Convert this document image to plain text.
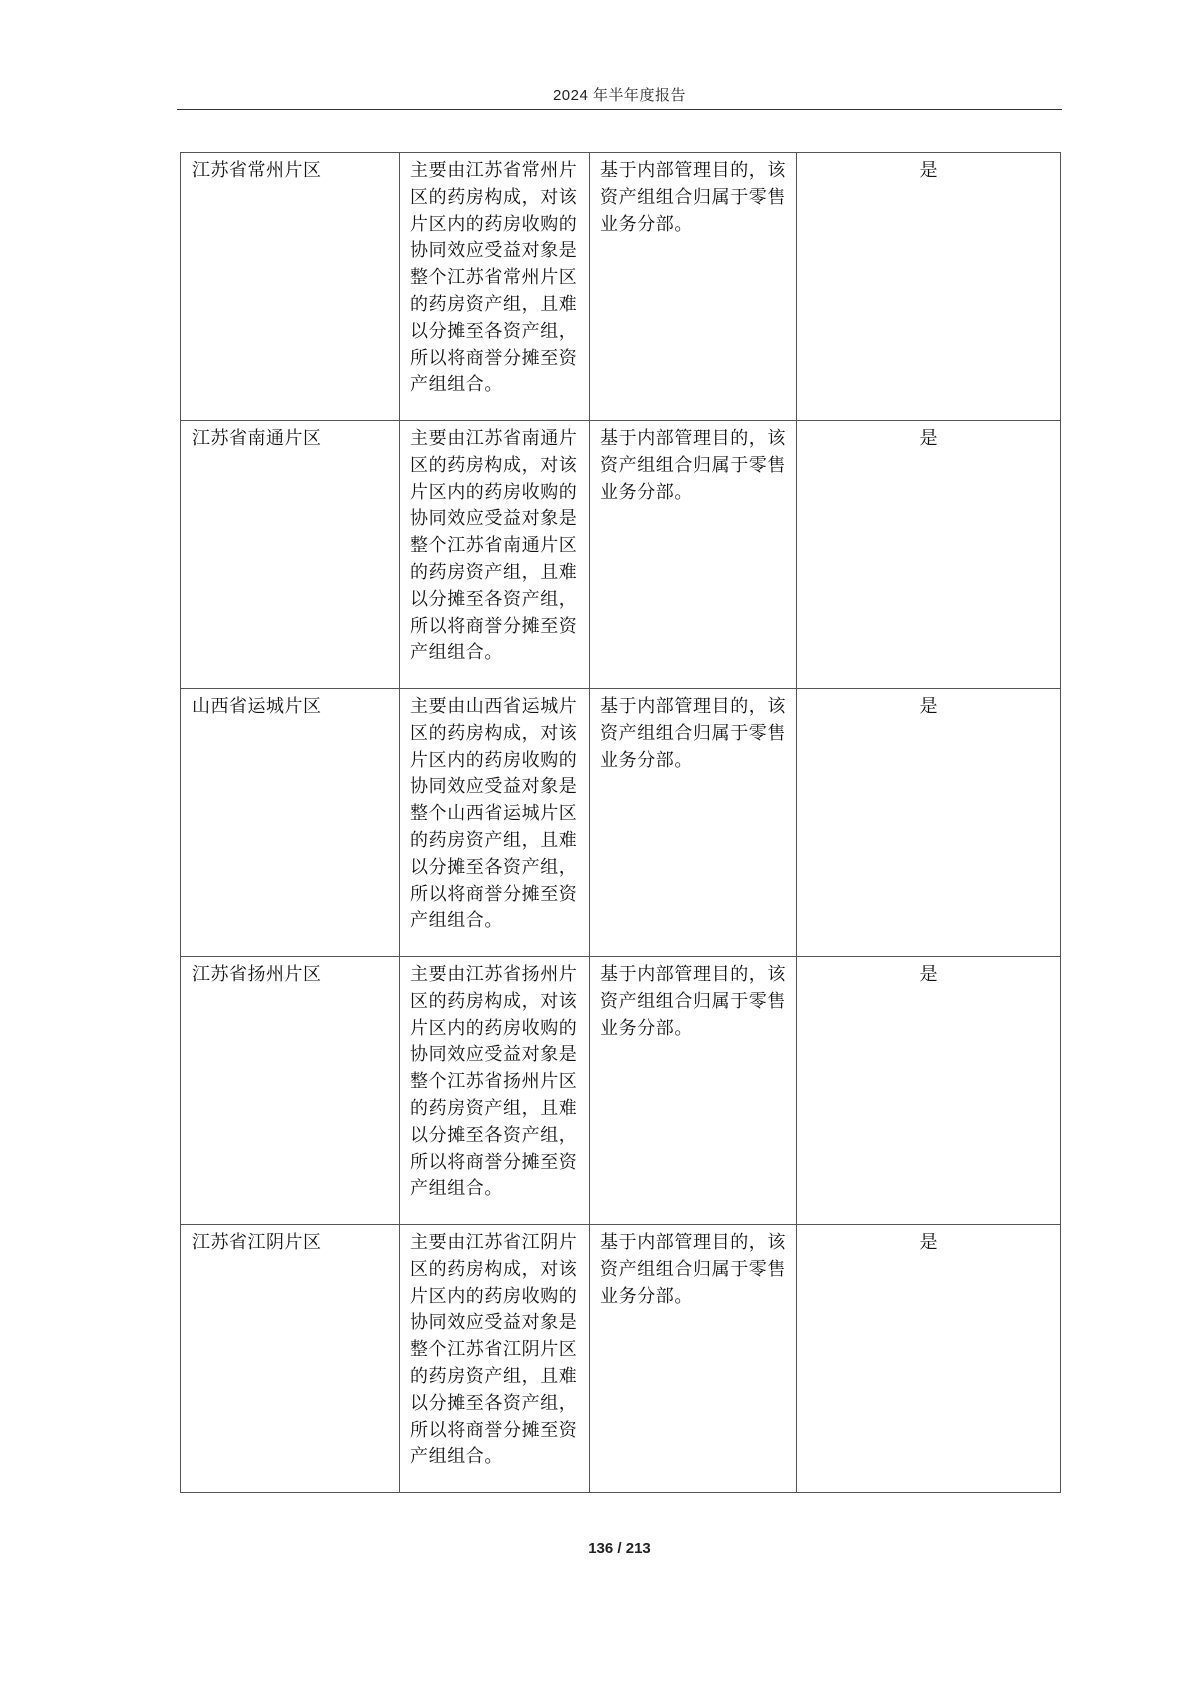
2024 年半年度报告
江苏省常州片区	主要由江苏省常州片区的药房构成，对该片区内的药房收购的协同效应受益对象是整个江苏省常州片区的药房资产组，且难以分摊至各资产组，所以将商誉分摊至资产组组合。	基于内部管理目的，该资产组组合归属于零售业务分部。	是
江苏省南通片区	主要由江苏省南通片区的药房构成，对该片区内的药房收购的协同效应受益对象是整个江苏省南通片区的药房资产组，且难以分摊至各资产组，所以将商誉分摊至资产组组合。	基于内部管理目的，该资产组组合归属于零售业务分部。	是
山西省运城片区	主要由山西省运城片区的药房构成，对该片区内的药房收购的协同效应受益对象是整个山西省运城片区的药房资产组，且难以分摊至各资产组，所以将商誉分摊至资产组组合。	基于内部管理目的，该资产组组合归属于零售业务分部。	是
江苏省扬州片区	主要由江苏省扬州片区的药房构成，对该片区内的药房收购的协同效应受益对象是整个江苏省扬州片区的药房资产组，且难以分摊至各资产组，所以将商誉分摊至资产组组合。	基于内部管理目的，该资产组组合归属于零售业务分部。	是
江苏省江阴片区	主要由江苏省江阴片区的药房构成，对该片区内的药房收购的协同效应受益对象是整个江苏省江阴片区的药房资产组，且难以分摊至各资产组，所以将商誉分摊至资产组组合。	基于内部管理目的，该资产组组合归属于零售业务分部。	是
136 / 213
